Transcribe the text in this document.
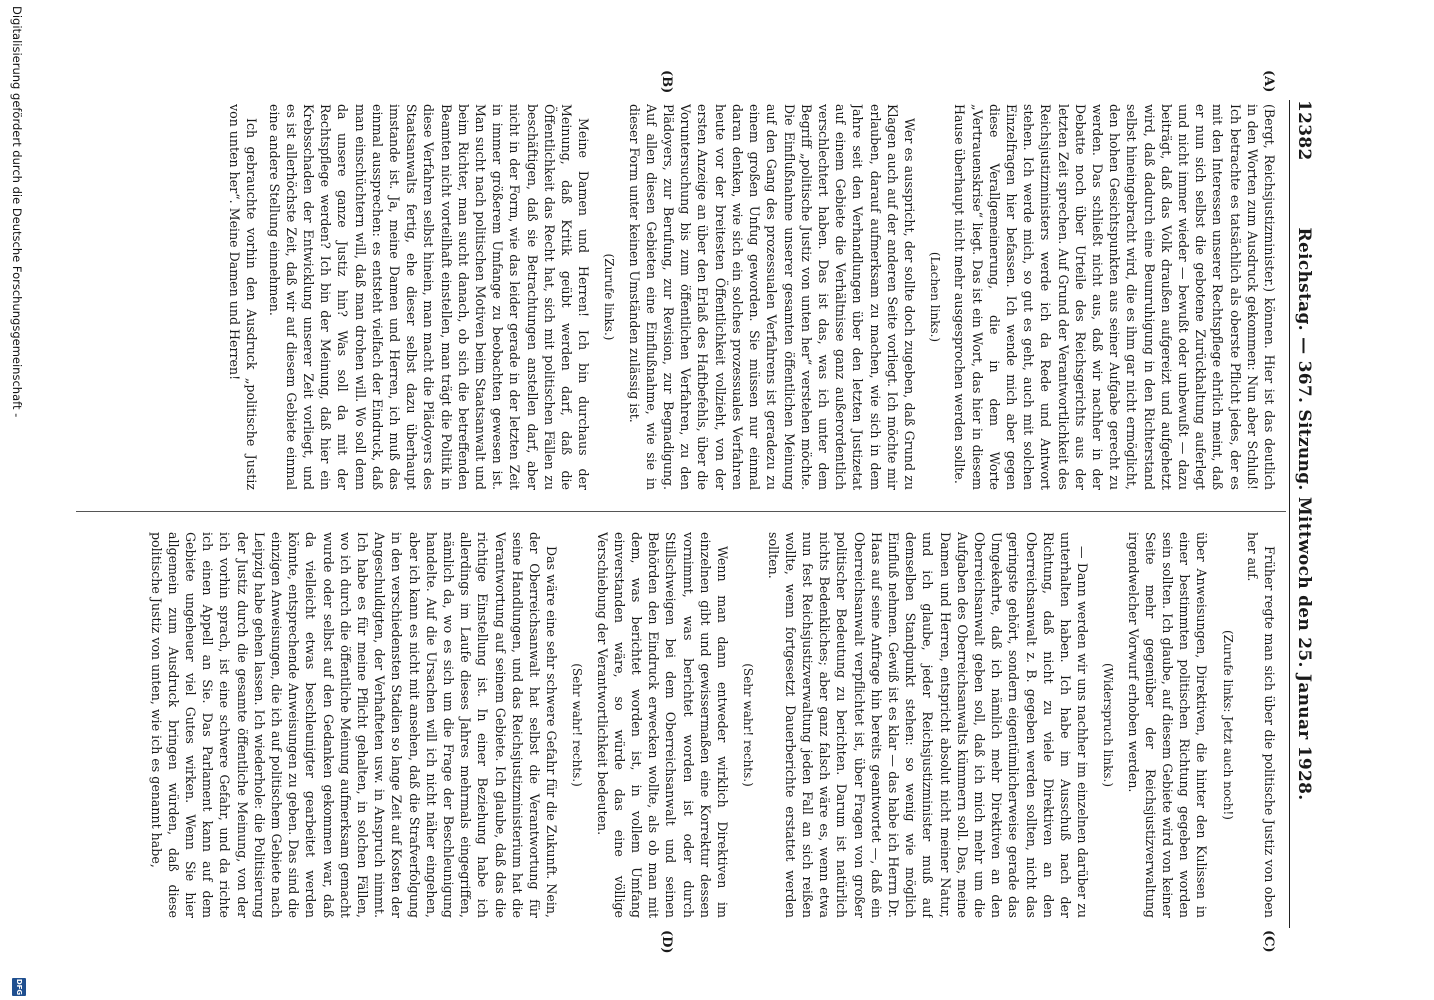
12382
Reichstag. — 367. Sitzung. Mittwoch den 25. Januar 1928.
(A)
(B)
(C)
(D)

(Bergt, Reichsjustizminister.) können. Hier ist das deutlich in den Worten zum Ausdruck gekommen: Nun aber Schluß! Ich betrachte es tatsächlich als oberste Pflicht jedes, der es mit den Interessen unserer Rechtspflege ehrlich meint, daß er nun sich selbst die gebotene Zurückhaltung auferlegt und nicht immer wieder — bewußt oder unbewußt — dazu beiträgt, daß das Volk draußen aufgereizt und aufgehetzt wird, daß dadurch eine Beunruhigung in den Richterstand selbst hineingebracht wird, die es ihm gar nicht ermöglicht, den hohen Gesichtspunkten aus seiner Aufgabe gerecht zu werden. Das schließt nicht aus, daß wir nachher in der Debatte noch über Urteile des Reichsgerichts aus der letzten Zeit sprechen. Auf Grund der Verantwortlichkeit des Reichsjustizministers werde ich da Rede und Antwort stehen. Ich werde mich, so gut es geht, auch mit solchen Einzelfragen hier befassen. Ich wende mich aber gegen diese Verallgemeinerung, die in dem Worte „Vertrauenskrise“ liegt. Das ist ein Wort, das hier in diesem Hause überhaupt nicht mehr ausgesprochen werden sollte.

(Lachen links.)

Wer es ausspricht, der sollte doch zugeben, daß Grund zu Klagen auch auf der anderen Seite vorliegt. Ich möchte mir erlauben, darauf aufmerksam zu machen, wie sich in dem Jahre seit den Verhandlungen über den letzten Justizetat auf einem Gebiete die Verhältnisse ganz außerordentlich verschlechtert haben. Das ist das, was ich unter dem Begriff „politische Justiz von unten her“ verstehen möchte. Die Einflußnahme unserer gesamten öffentlichen Meinung auf den Gang des prozessualen Verfahrens ist geradezu zu einem großen Unfug geworden. Sie müssen nur einmal daran denken, wie sich ein solches prozessuales Verfahren heute vor der breitesten Öffentlichkeit vollzieht, von der ersten Anzeige an über den Erlaß des Haftbefehls, über die Voruntersuchung bis zum öffentlichen Verfahren, zu den Plädoyers, zur Berufung, zur Revision, zur Begnadigung. Auf allen diesen Gebieten eine Einflußnahme, wie sie in dieser Form unter keinen Umständen zulässig ist.

(Zurufe links.)

Meine Damen und Herren! Ich bin durchaus der Meinung, daß Kritik geübt werden darf, daß die Öffentlichkeit das Recht hat, sich mit politischen Fällen zu beschäftigen, daß sie Betrachtungen anstellen darf, aber nicht in der Form, wie das leider gerade in der letzten Zeit in immer größerem Umfange zu beobachten gewesen ist. Man sucht nach politischen Motiven beim Staatsanwalt und beim Richter, man sucht danach, ob sich die betreffenden Beamten nicht vorteilhaft einstellen, man trägt die Politik in diese Verfahren selbst hinein, man macht die Plädoyers des Staatsanwalts fertig, ehe dieser selbst dazu überhaupt imstande ist. Ja, meine Damen und Herren, ich muß das einmal aussprechen: es entsteht vielfach der Eindruck, daß man einschüchtern will, daß man drohen will. Wo soll denn da unsere ganze Justiz hin? Was soll da mit der Rechtspflege werden? Ich bin der Meinung, daß hier ein Krebsschaden der Entwicklung unserer Zeit vorliegt, und es ist allerhöchste Zeit, daß wir auf diesem Gebiete einmal eine andere Stellung einnehmen.

Ich gebrauchte vorhin den Ausdruck „politische Justiz von unten her“. Meine Damen und Herren!

Früher regte man sich über die politische Justiz von oben her auf.

(Zurufe links: Jetzt auch noch!)

über Anweisungen, Direktiven, die hinter den Kulissen in einer bestimmten politischen Richtung gegeben worden sein sollten. Ich glaube, auf diesem Gebiete wird von keiner Seite mehr gegenüber der Reichsjustizverwaltung irgendwelcher Vorwurf erhoben werden.

(Widerspruch links.)

— Dann werden wir uns nachher im einzelnen darüber zu unterhalten haben. Ich habe im Ausschuß nach der Richtung, daß nicht zu viele Direktiven an den Oberreichsanwalt z. B. gegeben werden sollten, nicht das geringste gehört, sondern eigentümlicherweise gerade das Umgekehrte, daß ich nämlich mehr Direktiven an den Oberreichsanwalt geben soll, daß ich mich mehr um die Aufgaben des Oberreichsanwalts kümmern soll. Das, meine Damen und Herren, entspricht absolut nicht meiner Natur, und ich glaube, jeder Reichsjustizminister muß auf demselben Standpunkt stehen: so wenig wie möglich Einfluß nehmen. Gewiß ist es klar — das habe ich Herrn Dr. Haas auf seine Anfrage hin bereits geantwortet —, daß ein Oberreichsanwalt verpflichtet ist, über Fragen von großer politischer Bedeutung zu berichten. Darum ist natürlich nichts Bedenkliches; aber ganz falsch wäre es, wenn etwa nun fest Reichsjustizverwaltung jeden Fall an sich reißen wollte, wenn fortgesetzt Dauerberichte erstattet werden sollten.

(Sehr wahr! rechts.)

Wenn man dann entweder wirklich Direktiven im einzelnen gibt und gewissermaßen eine Korrektur dessen vornimmt, was berichtet worden ist oder durch Stillschweigen bei dem Oberreichsanwalt und seinen Behörden den Eindruck erwecken wollte, als ob man mit dem, was berichtet worden ist, in vollem Umfang einverstanden wäre, so würde das eine völlige Verschiebung der Verantwortlichkeit bedeuten.

(Sehr wahr! rechts.)

Das wäre eine sehr schwere Gefahr für die Zukunft. Nein, der Oberreichsanwalt hat selbst die Verantwortung für seine Handlungen, und das Reichsjustizministerium hat die Verantwortung auf seinem Gebiete. Ich glaube, daß das die richtige Einstellung ist. In einer Beziehung habe ich allerdings im Laufe dieses Jahres mehrmals eingegriffen, nämlich da, wo es sich um die Frage der Beschleunigung handelte. Auf die Ursachen will ich nicht näher eingehen, aber ich kann es nicht mit ansehen, daß die Strafverfolgung in den verschiedensten Stadien so lange Zeit auf Kosten der Angeschuldigten, der Verhafteten usw. in Anspruch nimmt. Ich habe es für meine Pflicht gehalten, in solchen Fällen, wo ich durch die öffentliche Meinung aufmerksam gemacht wurde oder selbst auf den Gedanken gekommen war, daß da vielleicht etwas beschleunigter gearbeitet werden könnte, entsprechende Anweisungen zu geben. Das sind die einzigen Anweisungen, die ich auf politischem Gebiete nach Leipzig habe gehen lassen. Ich wiederhole: die Politisierung der Justiz durch die gesamte öffentliche Meinung, von der ich vorhin sprach, ist eine schwere Gefahr, und da richte ich einen Appell an Sie. Das Parlament kann auf dem Gebiete ungeheuer viel Gutes wirken. Wenn Sie hier allgemein zum Ausdruck bringen würden, daß diese politische Justiz von unten, wie ich es genannt habe,

Digitalisierung gefördert durch die Deutsche Forschungsgemeinschaft -
DFG
